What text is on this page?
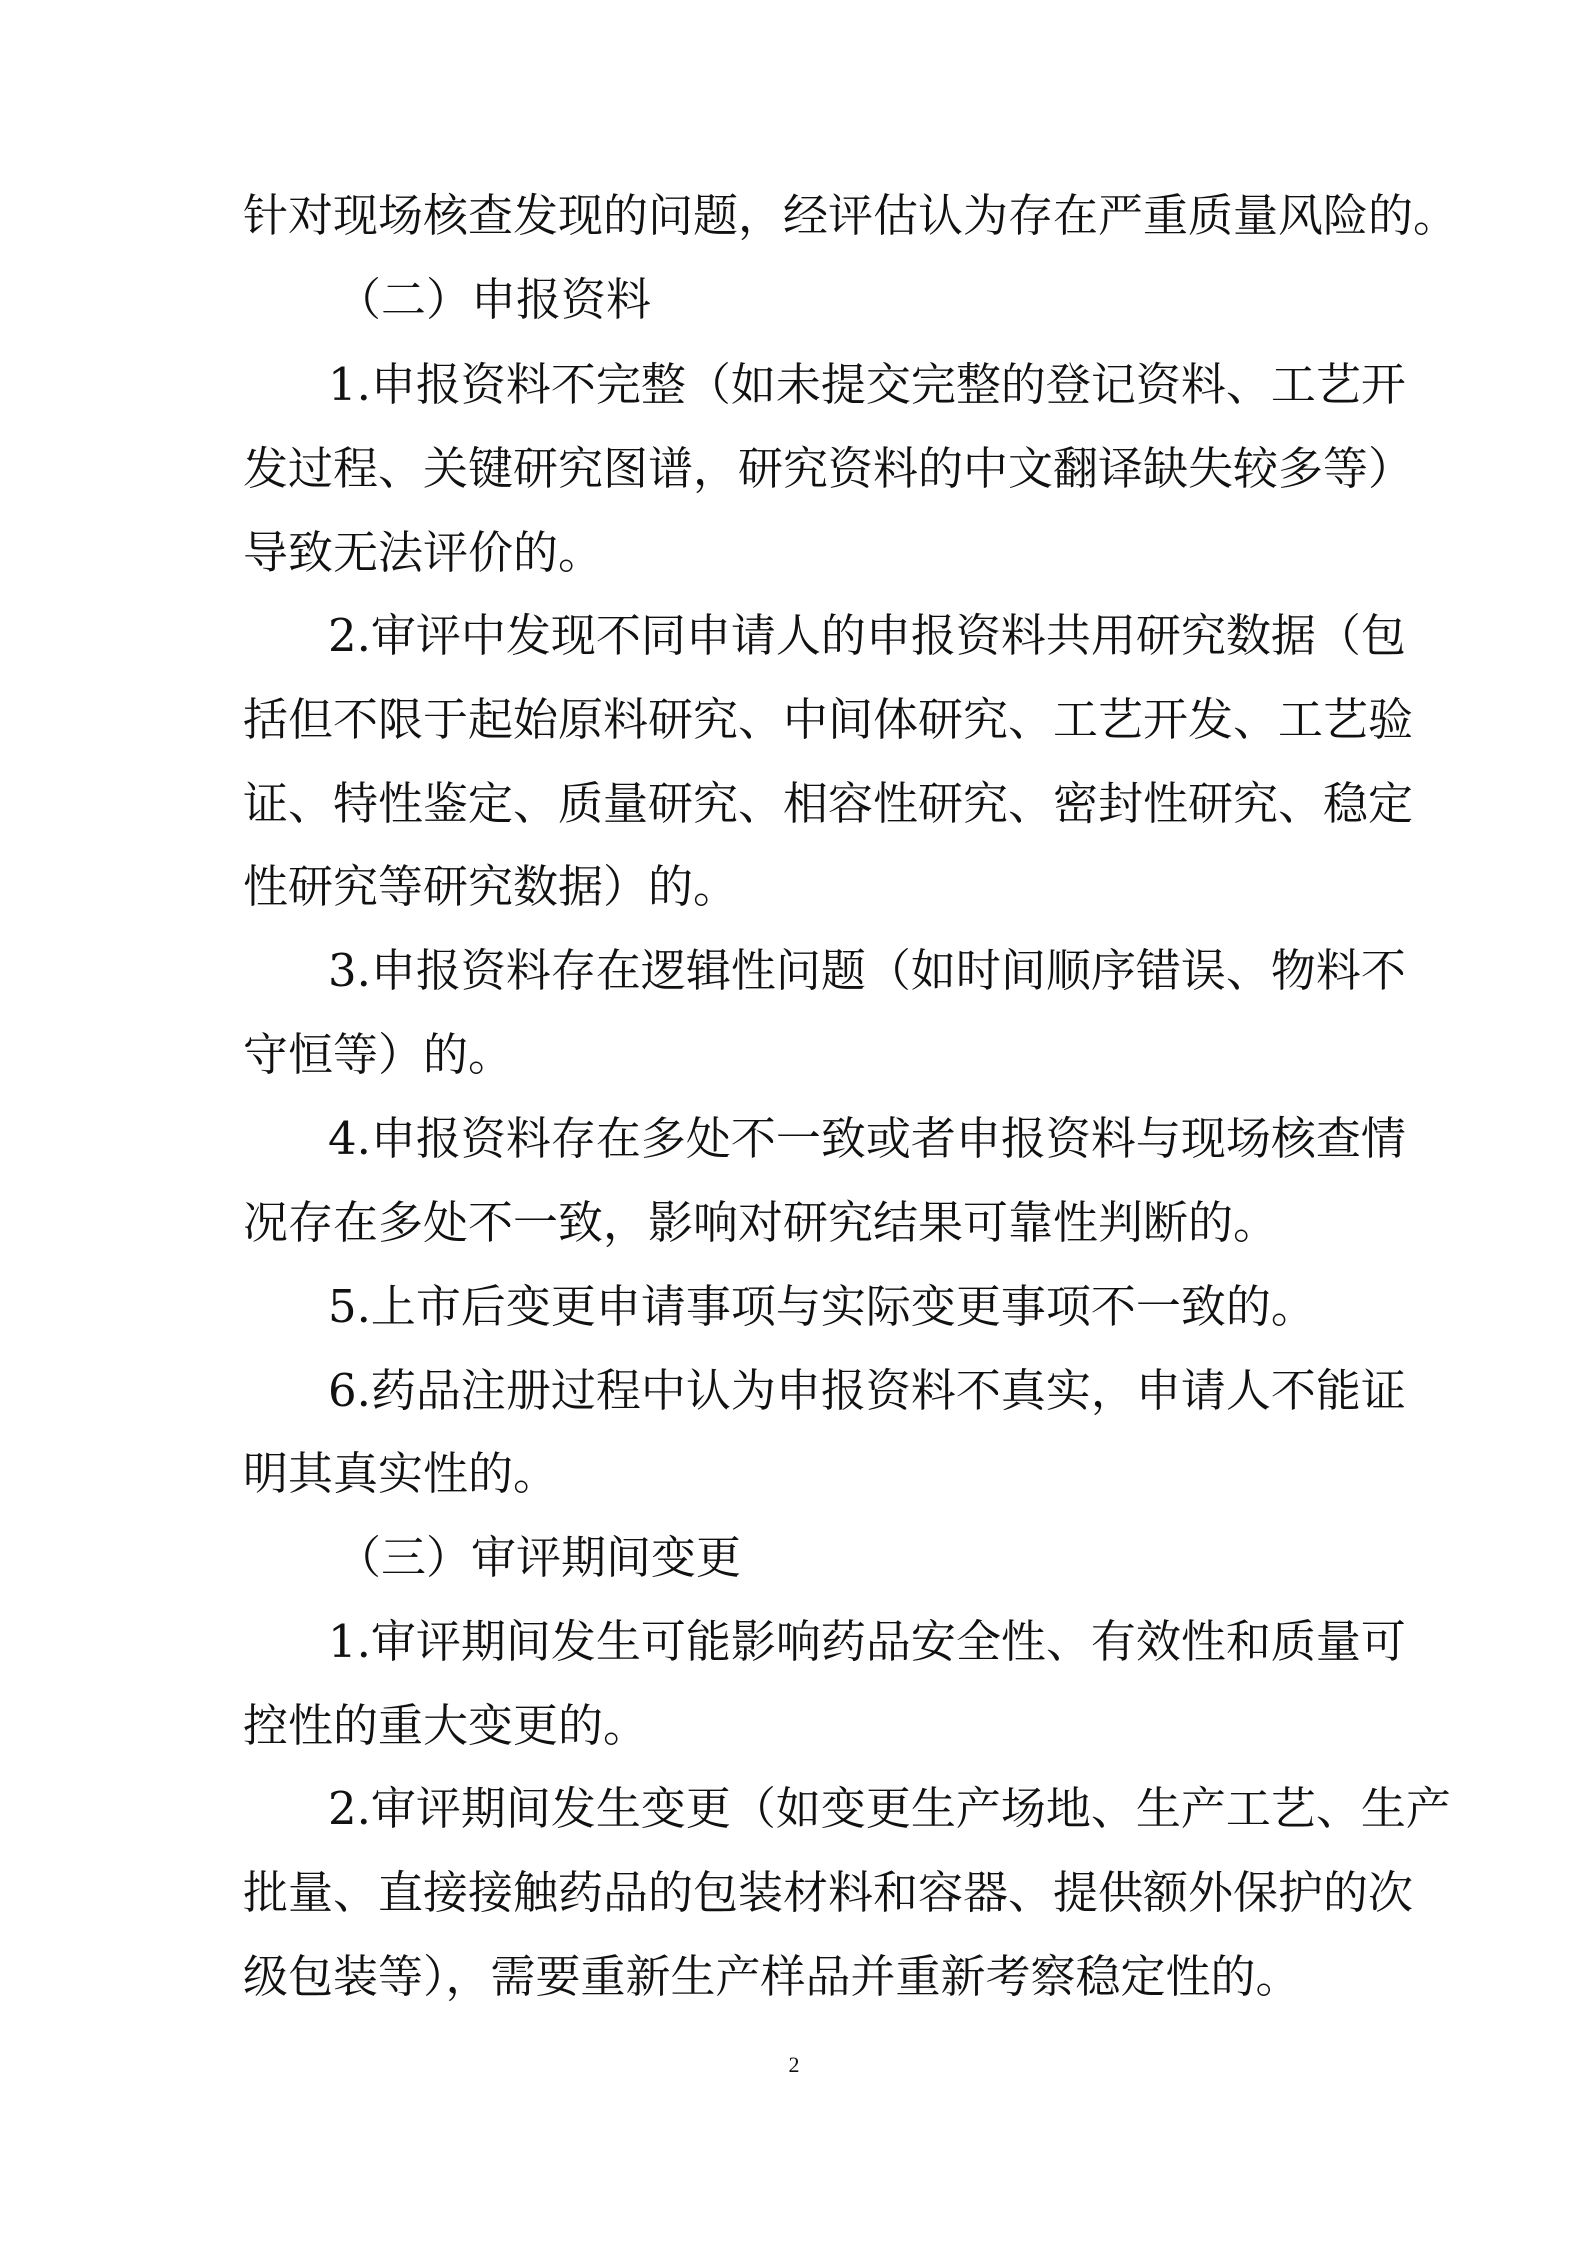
针对现场核查发现的问题，经评估认为存在严重质量风险的。
（二）申报资料
1.申报资料不完整（如未提交完整的登记资料、工艺开
发过程、关键研究图谱，研究资料的中文翻译缺失较多等）
导致无法评价的。
2.审评中发现不同申请人的申报资料共用研究数据（包
括但不限于起始原料研究、中间体研究、工艺开发、工艺验
证、特性鉴定、质量研究、相容性研究、密封性研究、稳定
性研究等研究数据）的。
3.申报资料存在逻辑性问题（如时间顺序错误、物料不
守恒等）的。
4.申报资料存在多处不一致或者申报资料与现场核查情
况存在多处不一致，影响对研究结果可靠性判断的。
5.上市后变更申请事项与实际变更事项不一致的。
6.药品注册过程中认为申报资料不真实，申请人不能证
明其真实性的。
（三）审评期间变更
1.审评期间发生可能影响药品安全性、有效性和质量可
控性的重大变更的。
2.审评期间发生变更（如变更生产场地、生产工艺、生产
批量、直接接触药品的包装材料和容器、提供额外保护的次
级包装等），需要重新生产样品并重新考察稳定性的。
2
